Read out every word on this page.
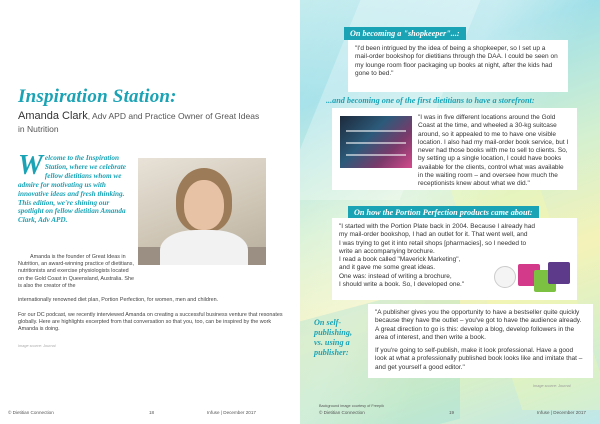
Inspiration Station:
Amanda Clark, Adv APD and Practice Owner of Great Ideas in Nutrition
Welcome to the Inspiration Station, where we celebrate fellow dietitians whom we admire for motivating us with innovative ideas and fresh thinking. This edition, we're shining our spotlight on fellow dietitian Amanda Clark, Adv APD.
Amanda is the founder of Great Ideas in Nutrition, an award-winning practice of dietitians, nutritionists and exercise physiologists located on the Gold Coast in Queensland, Australia. She is also the creator of the
internationally renowned diet plan, Portion Perfection, for women, men and children.
For our DC podcast, we recently interviewed Amanda on creating a successful business venture that resonates globally. Here are highlights excerpted from that conversation so that you, too, can be inspired by the work Amanda is doing.
Image source: Journal
© Dietitian Connection	18	Infuse | December 2017
On becoming a "shopkeeper"...:
"I'd been intrigued by the idea of being a shopkeeper, so I set up a mail-order bookshop for dietitians through the DAA. I could be seen on my lounge room floor packaging up books at night, after the kids had gone to bed."
...and becoming one of the first dietitians to have a storefront:
"I was in five different locations around the Gold Coast at the time, and wheeled a 30-kg suitcase around, so it appealed to me to have one visible location. I also had my mail-order book service, but I never had those books with me to sell to clients. So, by setting up a single location, I could have books available for the clients, control what was available in the waiting room – and oversee how much the receptionists knew about what we did."
On how the Portion Perfection products came about:
"I started with the Portion Plate back in 2004. Because I already had
my mail-order bookshop, I had an outlet for it. That went well, and
I was trying to get it into retail shops [pharmacies], so I needed to
write an accompanying brochure.
I read a book called "Maverick Marketing",
and it gave me some great ideas.
One was: instead of writing a brochure,
I should write a book. So, I developed one."
On self-publishing, vs. using a publisher:

"A publisher gives you the opportunity to have a bestseller quite quickly because they have the outlet – you've got to have the audience already. A great direction to go is this: develop a blog, develop followers in the area of interest, and then write a book.

If you're going to self-publish, make it look professional. Have a good look at what a professionally published book looks like and imitate that – and get yourself a good editor."

Image source: Journal
Background image courtesy of Freepik
© Dietitian Connection	19	Infuse | December 2017
